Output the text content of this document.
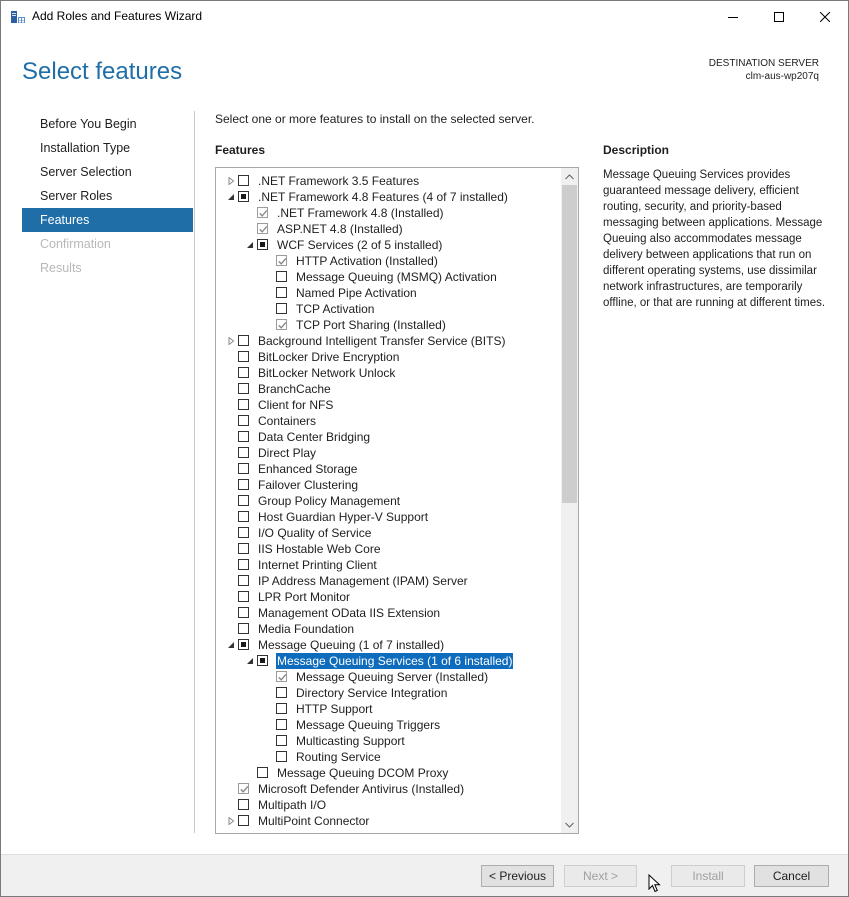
Add Roles and Features Wizard
Select features	DESTINATION SERVER
clm-aus-wp207q
Before You Begin
Installation Type
Server Selection
Server Roles
Features
Confirmation
Results
Select one or more features to install on the selected server.
Features	Description
Message Queuing Services provides guaranteed message delivery, efficient routing, security, and priority-based messaging between applications. Message Queuing also accommodates message delivery between applications that run on different operating systems, use dissimilar network infrastructures, are temporarily offline, or that are running at different times.
.NET Framework 3.5 Features
.NET Framework 4.8 Features (4 of 7 installed)
.NET Framework 4.8 (Installed)
ASP.NET 4.8 (Installed)
WCF Services (2 of 5 installed)
HTTP Activation (Installed)
Message Queuing (MSMQ) Activation
Named Pipe Activation
TCP Activation
TCP Port Sharing (Installed)
Background Intelligent Transfer Service (BITS)
BitLocker Drive Encryption
BitLocker Network Unlock
BranchCache
Client for NFS
Containers
Data Center Bridging
Direct Play
Enhanced Storage
Failover Clustering
Group Policy Management
Host Guardian Hyper-V Support
I/O Quality of Service
IIS Hostable Web Core
Internet Printing Client
IP Address Management (IPAM) Server
LPR Port Monitor
Management OData IIS Extension
Media Foundation
Message Queuing (1 of 7 installed)
Message Queuing Services (1 of 6 installed)
Message Queuing Server (Installed)
Directory Service Integration
HTTP Support
Message Queuing Triggers
Multicasting Support
Routing Service
Message Queuing DCOM Proxy
Microsoft Defender Antivirus (Installed)
Multipath I/O
MultiPoint Connector
< Previous	Next >	Install	Cancel
